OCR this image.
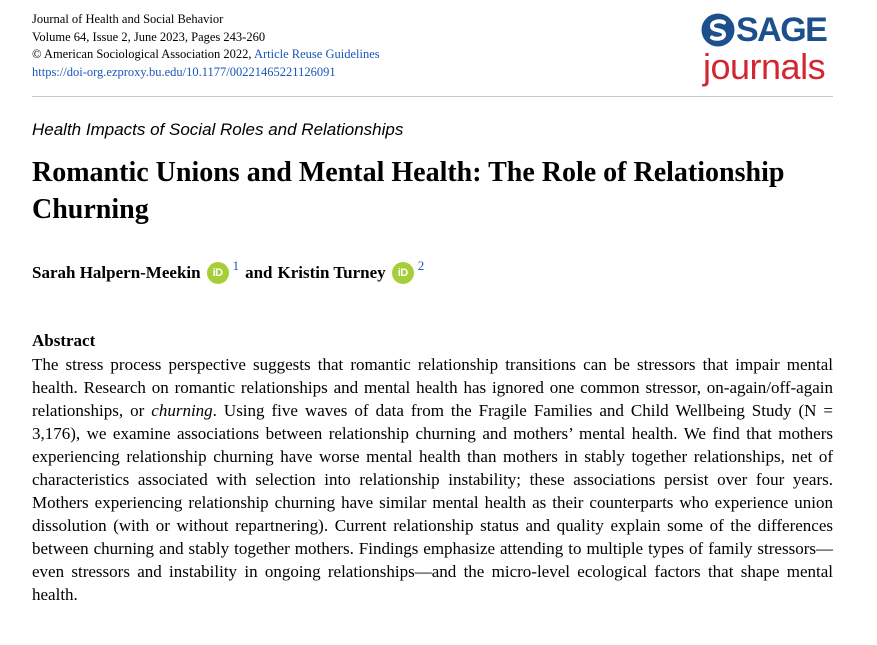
Journal of Health and Social Behavior
Volume 64, Issue 2, June 2023, Pages 243-260
© American Sociological Association 2022, Article Reuse Guidelines
https://doi-org.ezproxy.bu.edu/10.1177/00221465221126091
SAGE
journals
Health Impacts of Social Roles and Relationships
Romantic Unions and Mental Health: The Role of Relationship Churning
Sarah Halpern-Meekin	iD 1 and Kristin Turney	iD 2
Abstract

The stress process perspective suggests that romantic relationship transitions can be stressors that impair mental health. Research on romantic relationships and mental health has ignored one common stressor, on-again/off-again relationships, or churning. Using five waves of data from the Fragile Families and Child Wellbeing Study (N = 3,176), we examine associations between relationship churning and mothers’ mental health. We find that mothers experiencing relationship churning have worse mental health than mothers in stably together relationships, net of characteristics associated with selection into relationship instability; these associations persist over four years. Mothers experiencing relationship churning have similar mental health as their counterparts who experience union dissolution (with or without repartnering). Current relationship status and quality explain some of the differences between churning and stably together mothers. Findings emphasize attending to multiple types of family stressors—even stressors and instability in ongoing relationships—and the micro-level ecological factors that shape mental health.
